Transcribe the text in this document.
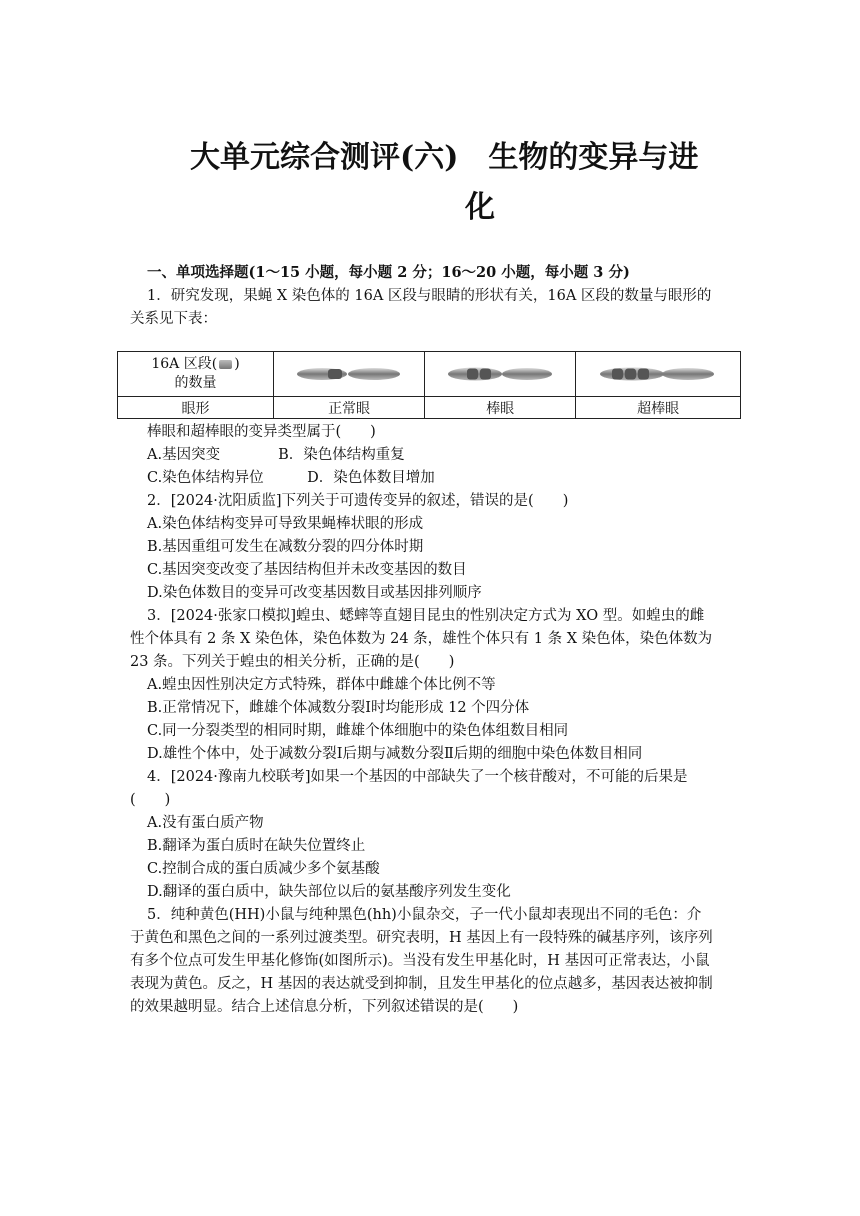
大单元综合测评(六)　生物的变异与进
化
一、单项选择题(1～15 小题，每小题 2 分；16～20 小题，每小题 3 分)
1．研究发现，果蝇 X 染色体的 16A 区段与眼睛的形状有关，16A 区段的数量与眼形的
关系见下表：
16A 区段( )
的数量	

眼形	正常眼	棒眼	超棒眼
棒眼和超棒眼的变异类型属于(　　)
A.基因突变　　　　B．染色体结构重复
C.染色体结构异位　　　D．染色体数目增加
2．[2024·沈阳质监]下列关于可遗传变异的叙述，错误的是(　　)
A.染色体结构变异可导致果蝇棒状眼的形成
B.基因重组可发生在减数分裂的四分体时期
C.基因突变改变了基因结构但并未改变基因的数目
D.染色体数目的变异可改变基因数目或基因排列顺序
3．[2024·张家口模拟]蝗虫、蟋蟀等直翅目昆虫的性别决定方式为 XO 型。如蝗虫的雌
性个体具有 2 条 X 染色体，染色体数为 24 条，雄性个体只有 1 条 X 染色体，染色体数为
23 条。下列关于蝗虫的相关分析，正确的是(　　)
A.蝗虫因性别决定方式特殊，群体中雌雄个体比例不等
B.正常情况下，雌雄个体减数分裂Ⅰ时均能形成 12 个四分体
C.同一分裂类型的相同时期，雌雄个体细胞中的染色体组数目相同
D.雄性个体中，处于减数分裂Ⅰ后期与减数分裂Ⅱ后期的细胞中染色体数目相同
4．[2024·豫南九校联考]如果一个基因的中部缺失了一个核苷酸对，不可能的后果是
(　　)
A.没有蛋白质产物
B.翻译为蛋白质时在缺失位置终止
C.控制合成的蛋白质减少多个氨基酸
D.翻译的蛋白质中，缺失部位以后的氨基酸序列发生变化
5．纯种黄色(HH)小鼠与纯种黑色(hh)小鼠杂交，子一代小鼠却表现出不同的毛色：介
于黄色和黑色之间的一系列过渡类型。研究表明，H 基因上有一段特殊的碱基序列，该序列
有多个位点可发生甲基化修饰(如图所示)。当没有发生甲基化时，H 基因可正常表达，小鼠
表现为黄色。反之，H 基因的表达就受到抑制，且发生甲基化的位点越多，基因表达被抑制
的效果越明显。结合上述信息分析，下列叙述错误的是(　　)
